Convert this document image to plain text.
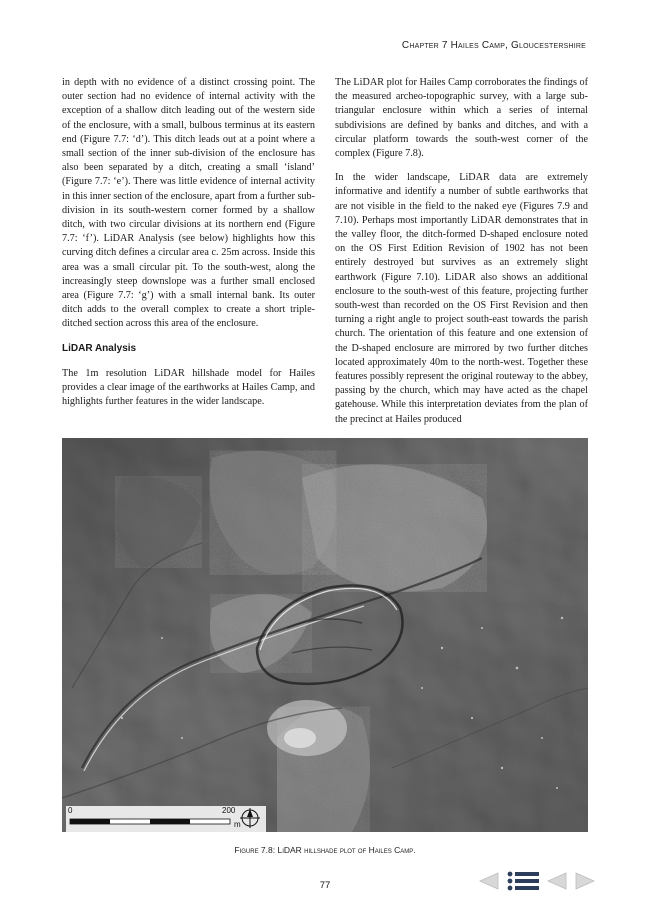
Chapter 7 Hailes Camp, Gloucestershire

in depth with no evidence of a distinct crossing point. The outer section had no evidence of internal activity with the exception of a shallow ditch leading out of the western side of the enclosure, with a small, bulbous terminus at its eastern end (Figure 7.7: ‘d’). This ditch leads out at a point where a small section of the inner sub-division of the enclosure has also been separated by a ditch, creating a small ‘island’ (Figure 7.7: ‘e’). There was little evidence of internal activity in this inner section of the enclosure, apart from a further sub-division in its south-western corner formed by a shallow ditch, with two circular divisions at its northern end (Figure 7.7: ‘f’). LiDAR Analysis (see below) highlights how this curving ditch defines a circular area c. 25m across. Inside this area was a small circular pit. To the south-west, along the increasingly steep downslope was a further small enclosed area (Figure 7.7: ‘g’) with a small internal bank. Its outer ditch adds to the overall complex to create a short triple-ditched section across this area of the enclosure.

LiDAR Analysis

The 1m resolution LiDAR hillshade model for Hailes provides a clear image of the earthworks at Hailes Camp, and highlights further features in the wider landscape.

The LiDAR plot for Hailes Camp corroborates the findings of the measured archeo-topographic survey, with a large sub-triangular enclosure within which a series of internal subdivisions are defined by banks and ditches, and with a circular platform towards the south-west corner of the complex (Figure 7.8).

In the wider landscape, LiDAR data are extremely informative and identify a number of subtle earthworks that are not visible in the field to the naked eye (Figures 7.9 and 7.10). Perhaps most importantly LiDAR demonstrates that in the valley floor, the ditch-formed D-shaped enclosure noted on the OS First Edition Revision of 1902 has not been entirely destroyed but survives as an extremely slight earthwork (Figure 7.10). LiDAR also shows an additional enclosure to the south-west of this feature, projecting further south-west than recorded on the OS First Revision and then turning a right angle to project south-east towards the parish church. The orientation of this feature and one extension of the D-shaped enclosure are mirrored by two further ditches located approximately 40m to the north-west. Together these features possibly represent the original routeway to the abbey, passing by the church, which may have acted as the chapel gatehouse. While this interpretation deviates from the plan of the precinct at Hailes produced

0	200
m
Figure 7.8: LiDAR hillshade plot of Hailes Camp.
77
